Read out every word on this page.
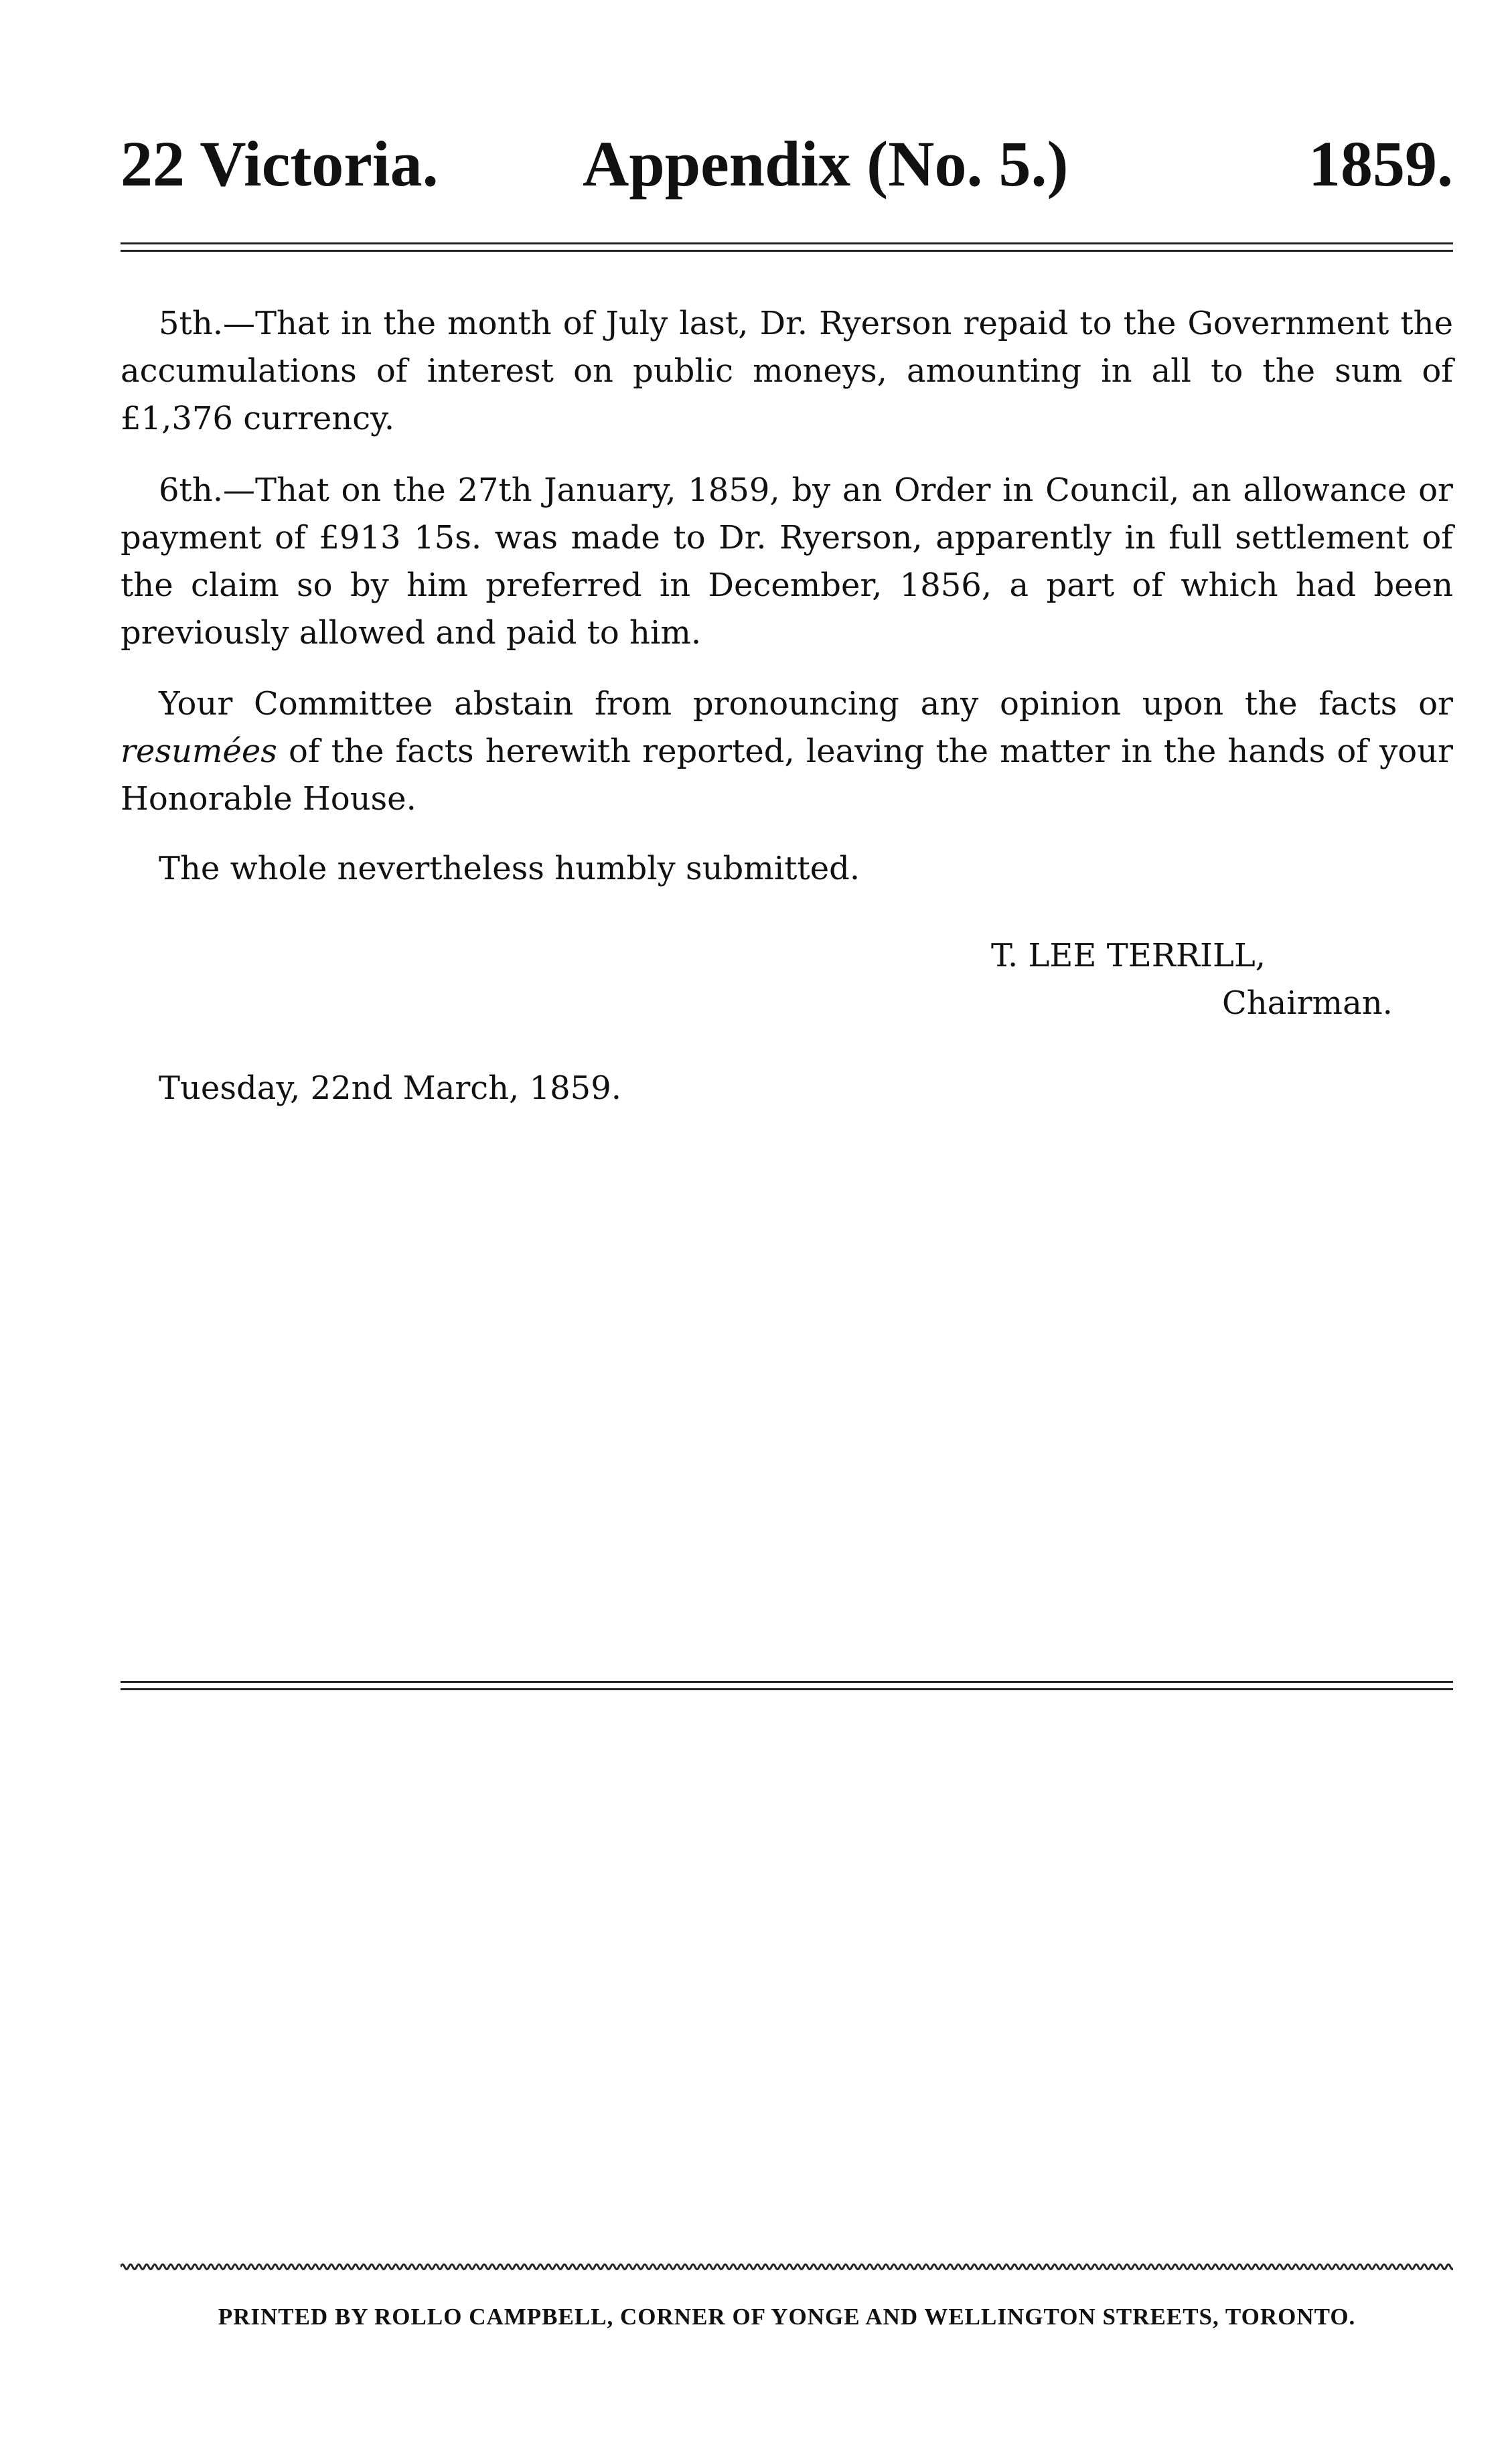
22 Victoria. Appendix (No. 5.)	1859.

5th.—That in the month of July last, Dr. Ryerson repaid to the Government the accumulations of interest on public moneys, amounting in all to the sum of £1,376 currency.

6th.—That on the 27th January, 1859, by an Order in Council, an allowance or payment of £913 15s. was made to Dr. Ryerson, apparently in full settlement of the claim so by him preferred in December, 1856, a part of which had been previously allowed and paid to him.

Your Committee abstain from pronouncing any opinion upon the facts or resumées of the facts herewith reported, leaving the matter in the hands of your Honorable House.

The whole nevertheless humbly submitted.

T. LEE TERRILL,
Chairman.
Tuesday, 22nd March, 1859.
PRINTED BY ROLLO CAMPBELL, CORNER OF YONGE AND WELLINGTON STREETS, TORONTO.
